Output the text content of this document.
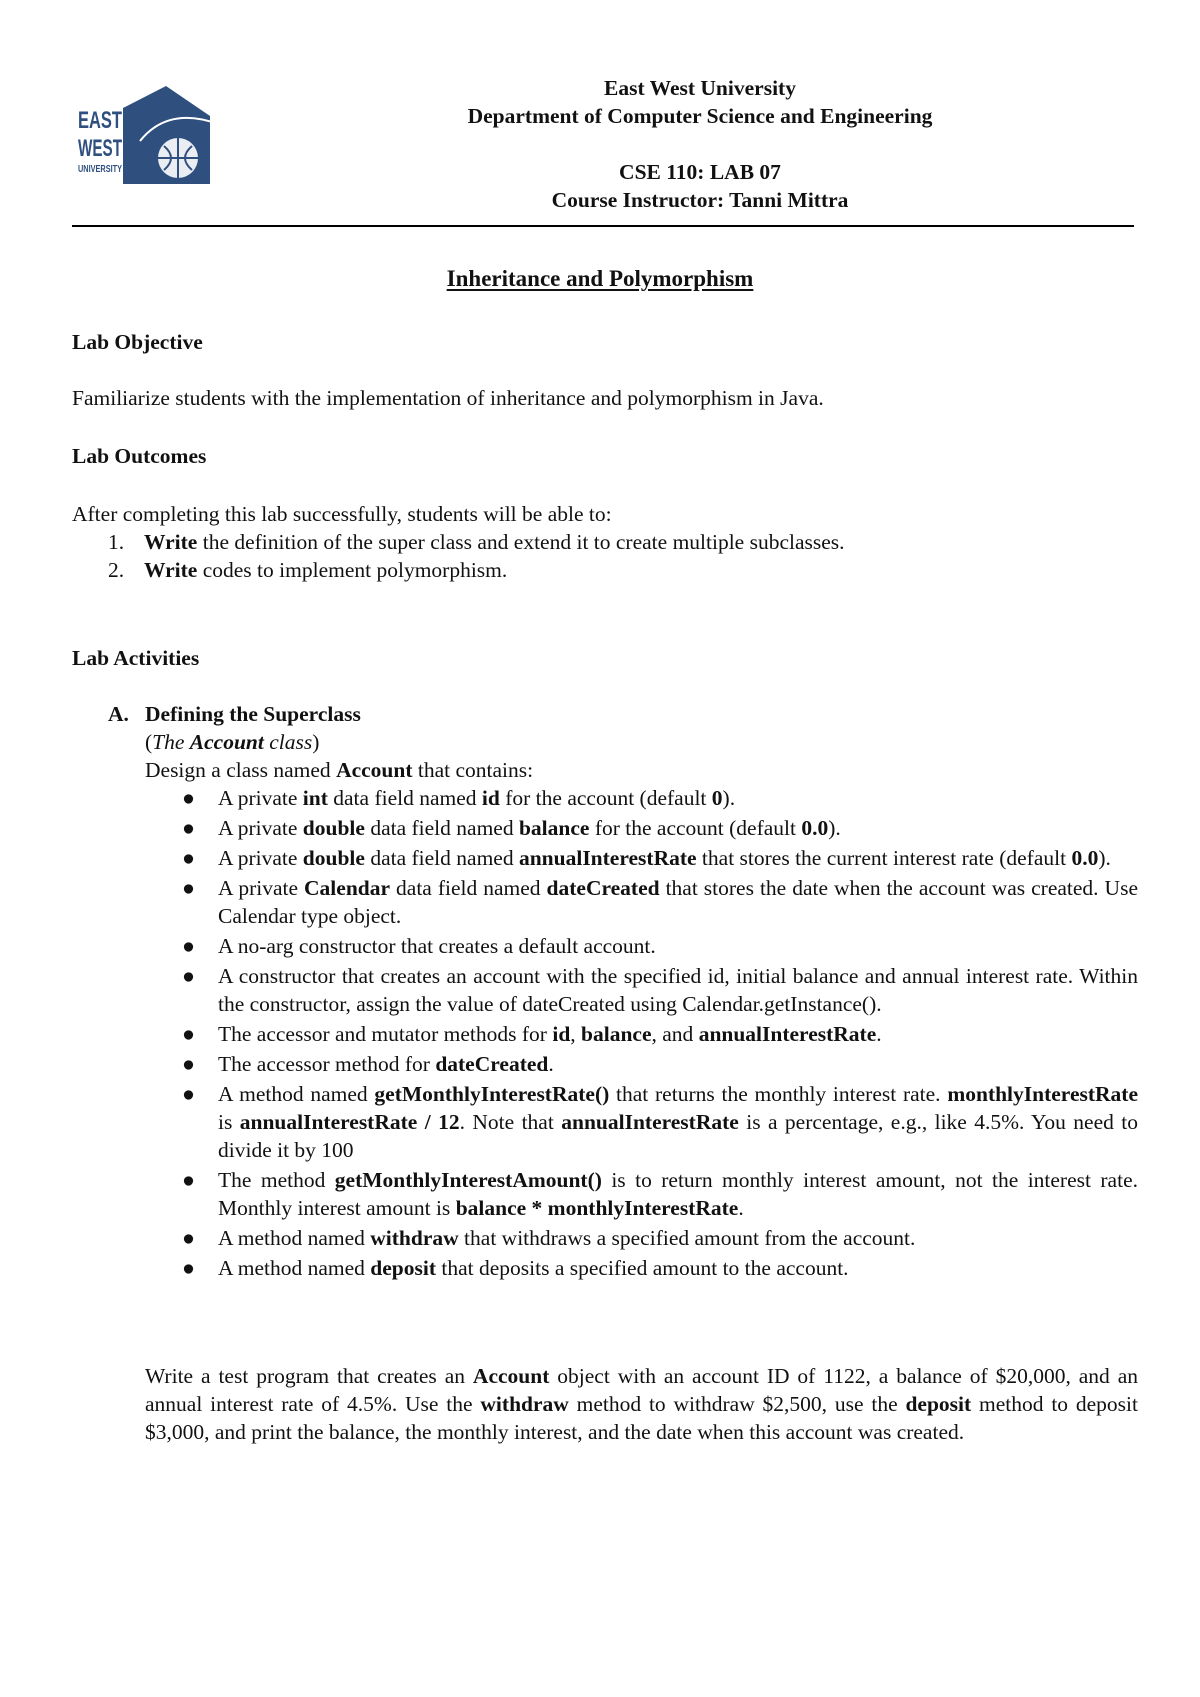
EAST
WEST
UNIVERSITY
East West University
Department of Computer Science and Engineering
CSE 110: LAB 07
Course Instructor: Tanni Mittra
Inheritance and Polymorphism
Lab Objective
Familiarize students with the implementation of inheritance and polymorphism in Java.
Lab Outcomes
After completing this lab successfully, students will be able to:
1. Write the definition of the super class and extend it to create multiple subclasses.
2. Write codes to implement polymorphism.
Lab Activities
A. Defining the Superclass
(The Account class)
Design a class named Account that contains:
● A private int data field named id for the account (default 0).
● A private double data field named balance for the account (default 0.0).
● A private double data field named annualInterestRate that stores the current interest rate (default 0.0).
● A private Calendar data field named dateCreated that stores the date when the account was created. Use Calendar type object.
● A no-arg constructor that creates a default account.
● A constructor that creates an account with the specified id, initial balance and annual interest rate. Within the constructor, assign the value of dateCreated using Calendar.getInstance().
● The accessor and mutator methods for id, balance, and annualInterestRate.
● The accessor method for dateCreated.
● A method named getMonthlyInterestRate() that returns the monthly interest rate. monthlyInterestRate is annualInterestRate / 12. Note that annualInterestRate is a percentage, e.g., like 4.5%. You need to divide it by 100
● The method getMonthlyInterestAmount() is to return monthly interest amount, not the interest rate. Monthly interest amount is balance * monthlyInterestRate.
● A method named withdraw that withdraws a specified amount from the account.
● A method named deposit that deposits a specified amount to the account.
Write a test program that creates an Account object with an account ID of 1122, a balance of $20,000, and an annual interest rate of 4.5%. Use the withdraw method to withdraw $2,500, use the deposit method to deposit $3,000, and print the balance, the monthly interest, and the date when this account was created.
